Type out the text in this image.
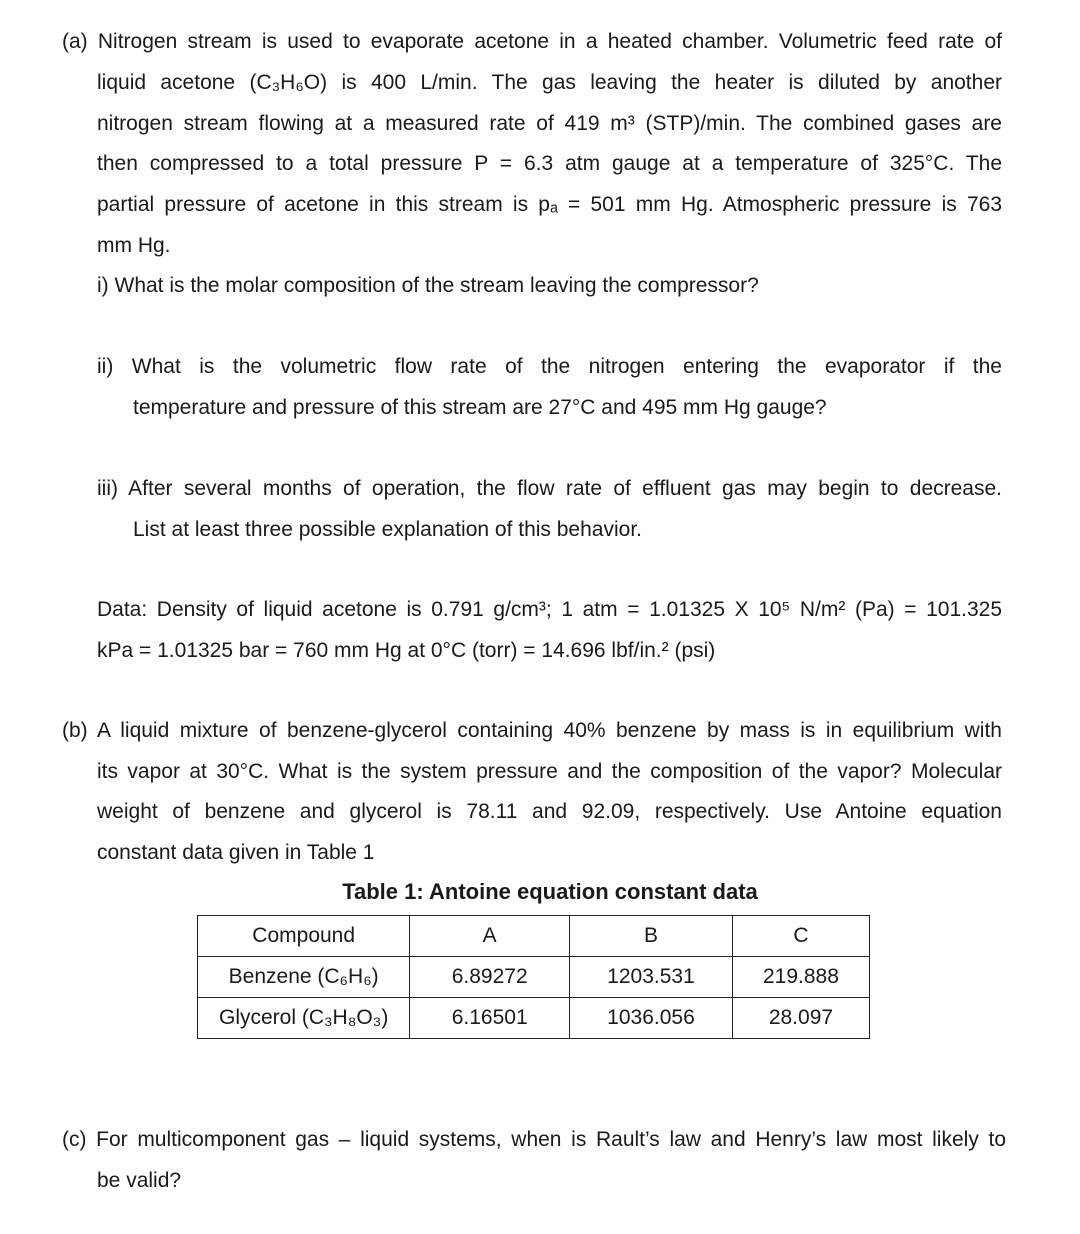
(a) Nitrogen stream is used to evaporate acetone in a heated chamber. Volumetric feed rate of
liquid acetone (C₃H₆O) is 400 L/min. The gas leaving the heater is diluted by another
nitrogen stream flowing at a measured rate of 419 m³ (STP)/min. The combined gases are
then compressed to a total pressure P = 6.3 atm gauge at a temperature of 325°C. The
partial pressure of acetone in this stream is pₐ = 501 mm Hg. Atmospheric pressure is 763
mm Hg.
i) What is the molar composition of the stream leaving the compressor?
ii) What is the volumetric flow rate of the nitrogen entering the evaporator if the
temperature and pressure of this stream are 27°C and 495 mm Hg gauge?
iii) After several months of operation, the flow rate of effluent gas may begin to decrease.
List at least three possible explanation of this behavior.
Data: Density of liquid acetone is 0.791 g/cm³; 1 atm = 1.01325 X 10⁵ N/m² (Pa) = 101.325
kPa = 1.01325 bar = 760 mm Hg at 0°C (torr) = 14.696 lbf/in.² (psi)
(b) A liquid mixture of benzene-glycerol containing 40% benzene by mass is in equilibrium with
its vapor at 30°C. What is the system pressure and the composition of the vapor? Molecular
weight of benzene and glycerol is 78.11 and 92.09, respectively. Use Antoine equation
constant data given in Table 1
Table 1: Antoine equation constant data
Compound	A	B	C
Benzene (C₆H₆)	6.89272	1203.531	219.888
Glycerol (C₃H₈O₃)	6.16501	1036.056	28.097
(c) For multicomponent gas – liquid systems, when is Rault’s law and Henry’s law most likely to
be valid?
